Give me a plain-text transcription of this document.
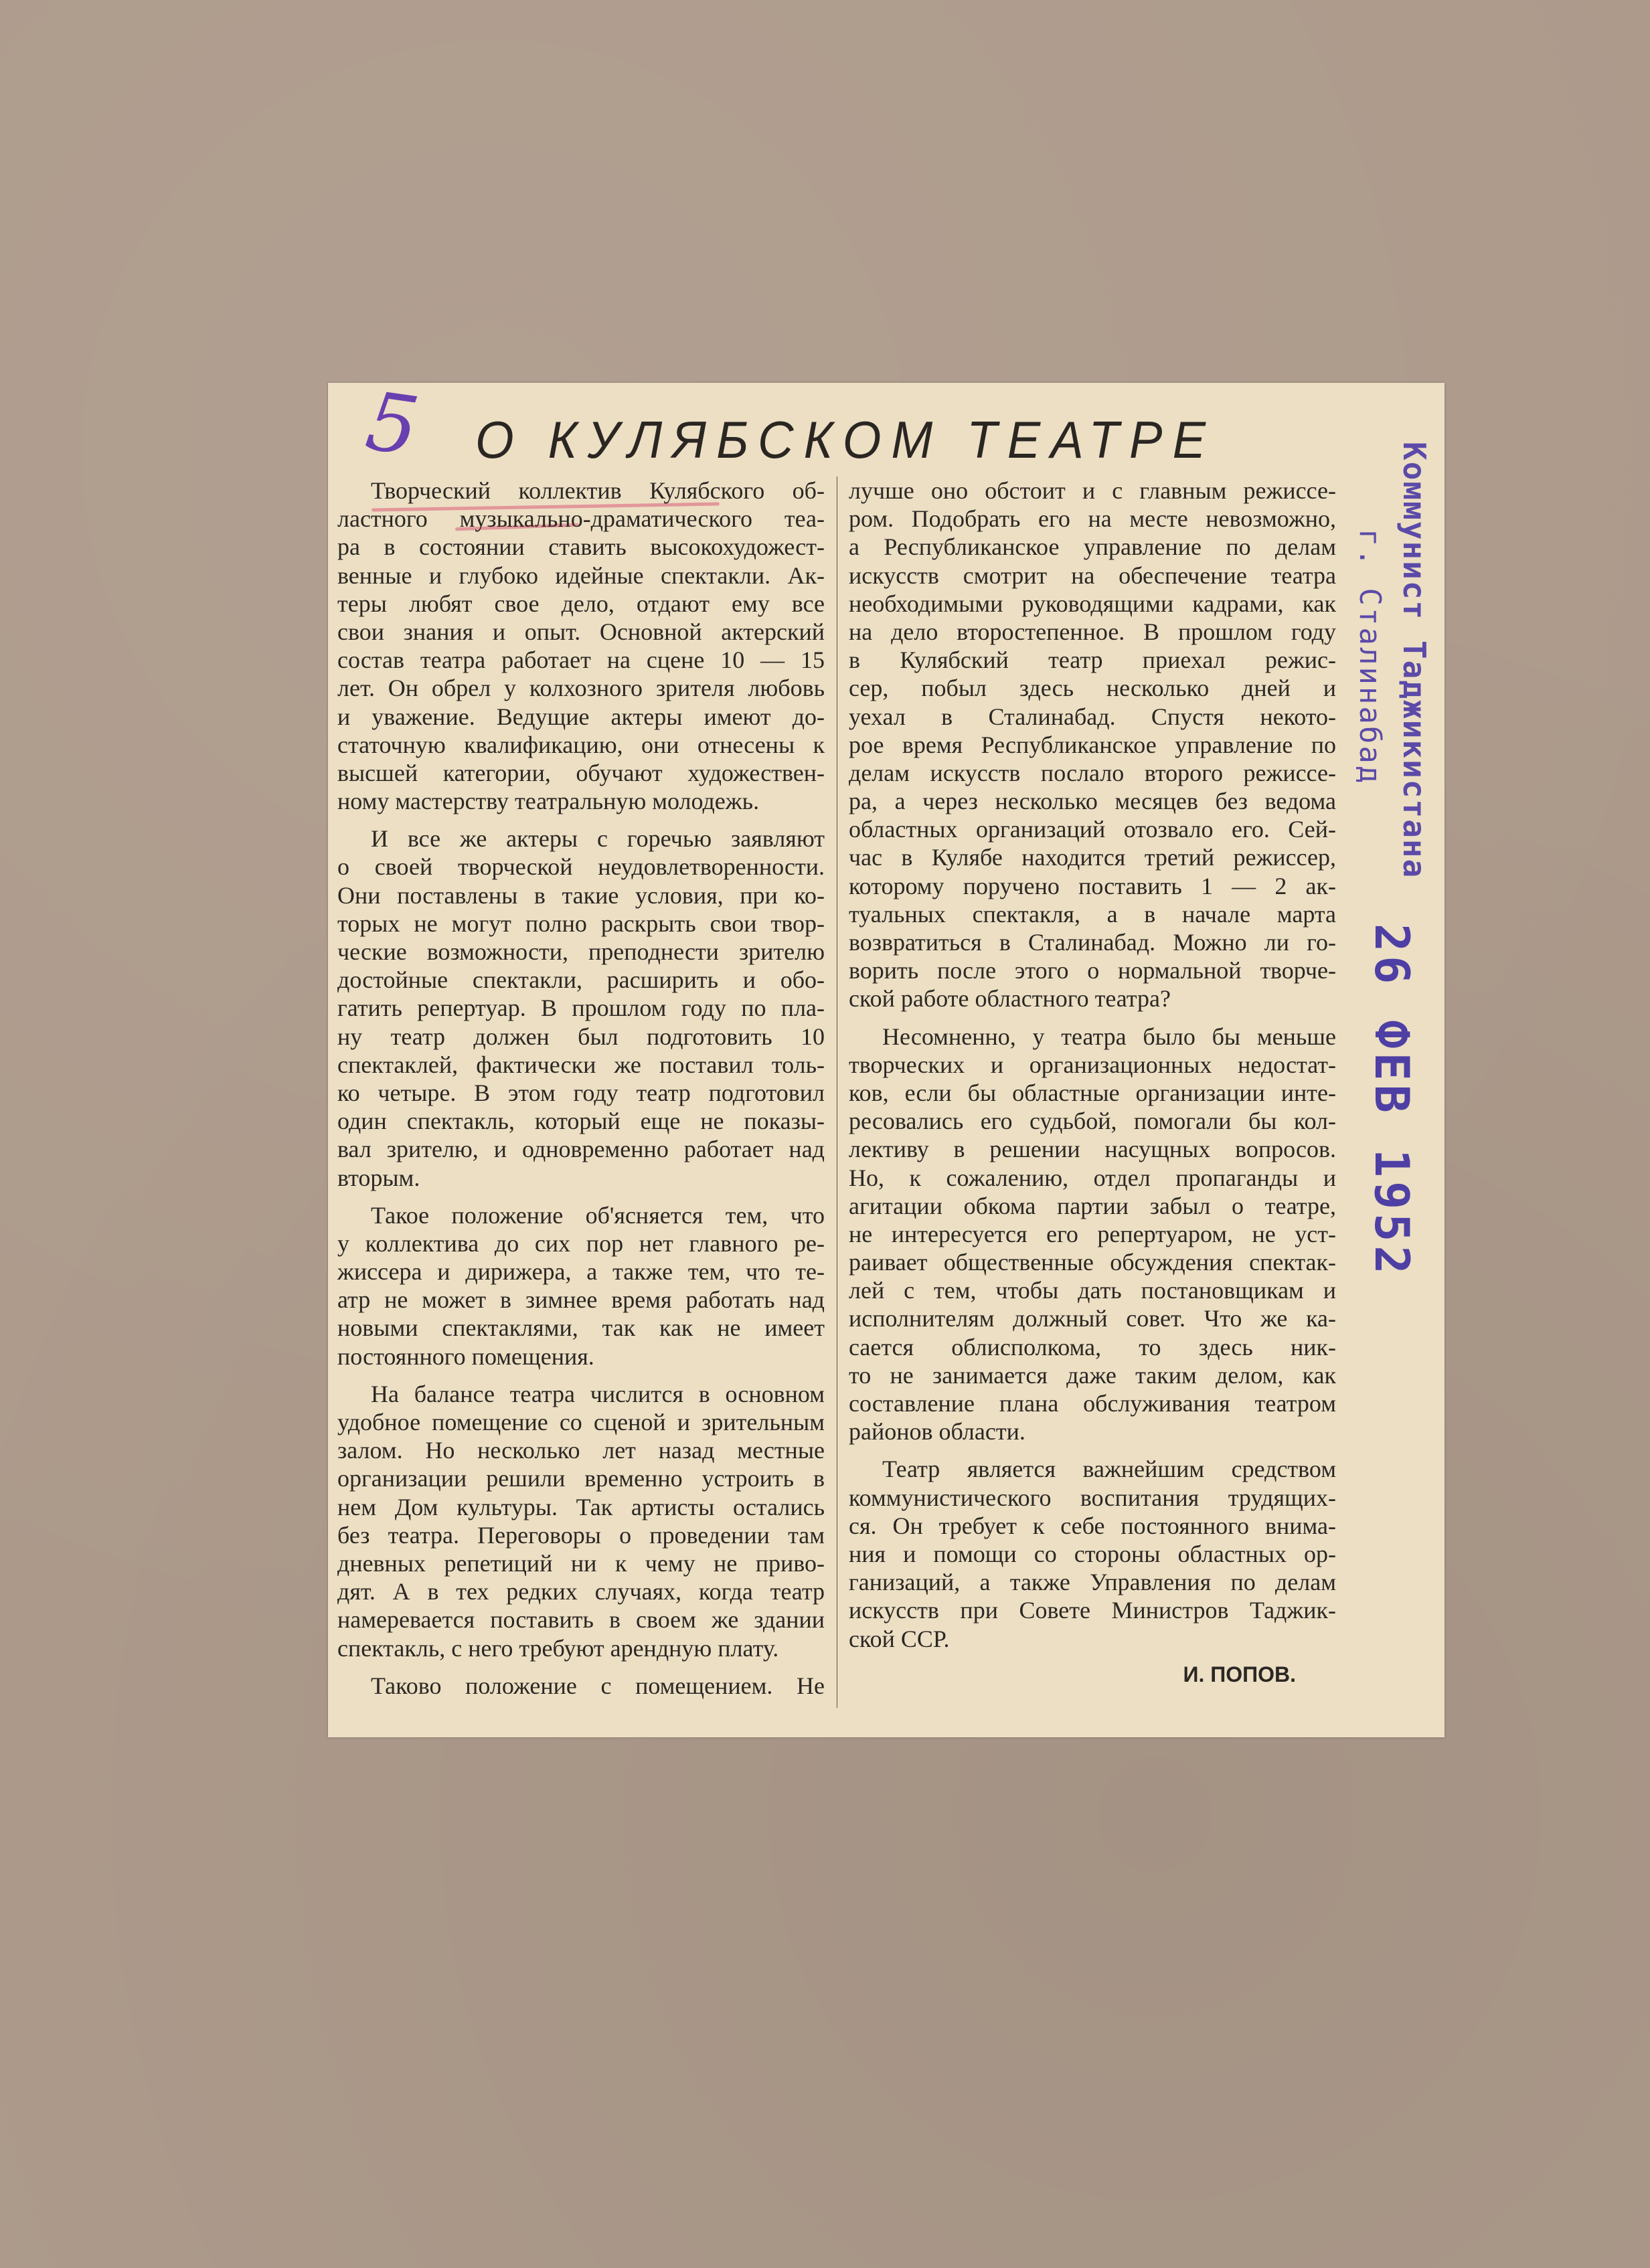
5 О КУЛЯБСКОМ ТЕАТРЕ
Творческий коллектив Кулябского об-
ластного музыкально-драматического теа-
ра в состоянии ставить высокохудожест-
венные и глубоко идейные спектакли. Ак-
теры любят свое дело, отдают ему все
свои знания и опыт. Основной актерский
состав театра работает на сцене 10 — 15
лет. Он обрел у колхозного зрителя любовь
и уважение. Ведущие актеры имеют до-
статочную квалификацию, они отнесены к
высшей категории, обучают художествен-
ному мастерству театральную молодежь.
И все же актеры с горечью заявляют
о своей творческой неудовлетворенности.
Они поставлены в такие условия, при ко-
торых не могут полно раскрыть свои твор-
ческие возможности, преподнести зрителю
достойные спектакли, расширить и обо-
гатить репертуар. В прошлом году по пла-
ну театр должен был подготовить 10
спектаклей, фактически же поставил толь-
ко четыре. В этом году театр подготовил
один спектакль, который еще не показы-
вал зрителю, и одновременно работает над
вторым.
Такое положение об'ясняется тем, что
у коллектива до сих пор нет главного ре-
жиссера и дирижера, а также тем, что те-
атр не может в зимнее время работать над
новыми спектаклями, так как не имеет
постоянного помещения.
На балансе театра числится в основном
удобное помещение со сценой и зрительным
залом. Но несколько лет назад местные
организации решили временно устроить в
нем Дом культуры. Так артисты остались
без театра. Переговоры о проведении там
дневных репетиций ни к чему не приво-
дят. А в тех редких случаях, когда театр
намеревается поставить в своем же здании
спектакль, с него требуют арендную плату.
Таково положение с помещением. Не
лучше оно обстоит и с главным режиссе-
ром. Подобрать его на месте невозможно,
а Республиканское управление по делам
искусств смотрит на обеспечение театра
необходимыми руководящими кадрами, как
на дело второстепенное. В прошлом году
в Кулябский театр приехал режис-
сер, побыл здесь несколько дней и
уехал в Сталинабад. Спустя некото-
рое время Республиканское управление по
делам искусств послало второго режиссе-
ра, а через несколько месяцев без ведома
областных организаций отозвало его. Сей-
час в Кулябе находится третий режиссер,
которому поручено поставить 1 — 2 ак-
туальных спектакля, а в начале марта
возвратиться в Сталинабад. Можно ли го-
ворить после этого о нормальной творче-
ской работе областного театра?
Несомненно, у театра было бы меньше
творческих и организационных недостат-
ков, если бы областные организации инте-
ресовались его судьбой, помогали бы кол-
лективу в решении насущных вопросов.
Но, к сожалению, отдел пропаганды и
агитации обкома партии забыл о театре,
не интересуется его репертуаром, не уст-
раивает общественные обсуждения спектак-
лей с тем, чтобы дать постановщикам и
исполнителям должный совет. Что же ка-
сается облисполкома, то здесь ник-
то не занимается даже таким делом, как
составление плана обслуживания театром
районов области.
Театр является важнейшим средством
коммунистического воспитания трудящих-
ся. Он требует к себе постоянного внима-
ния и помощи со стороны областных ор-
ганизаций, а также Управления по делам
искусств при Совете Министров Таджик-
ской ССР.
И. ПОПОВ.
Коммунист Таджикистана
г. Сталинабад
26 ФЕВ 1952
